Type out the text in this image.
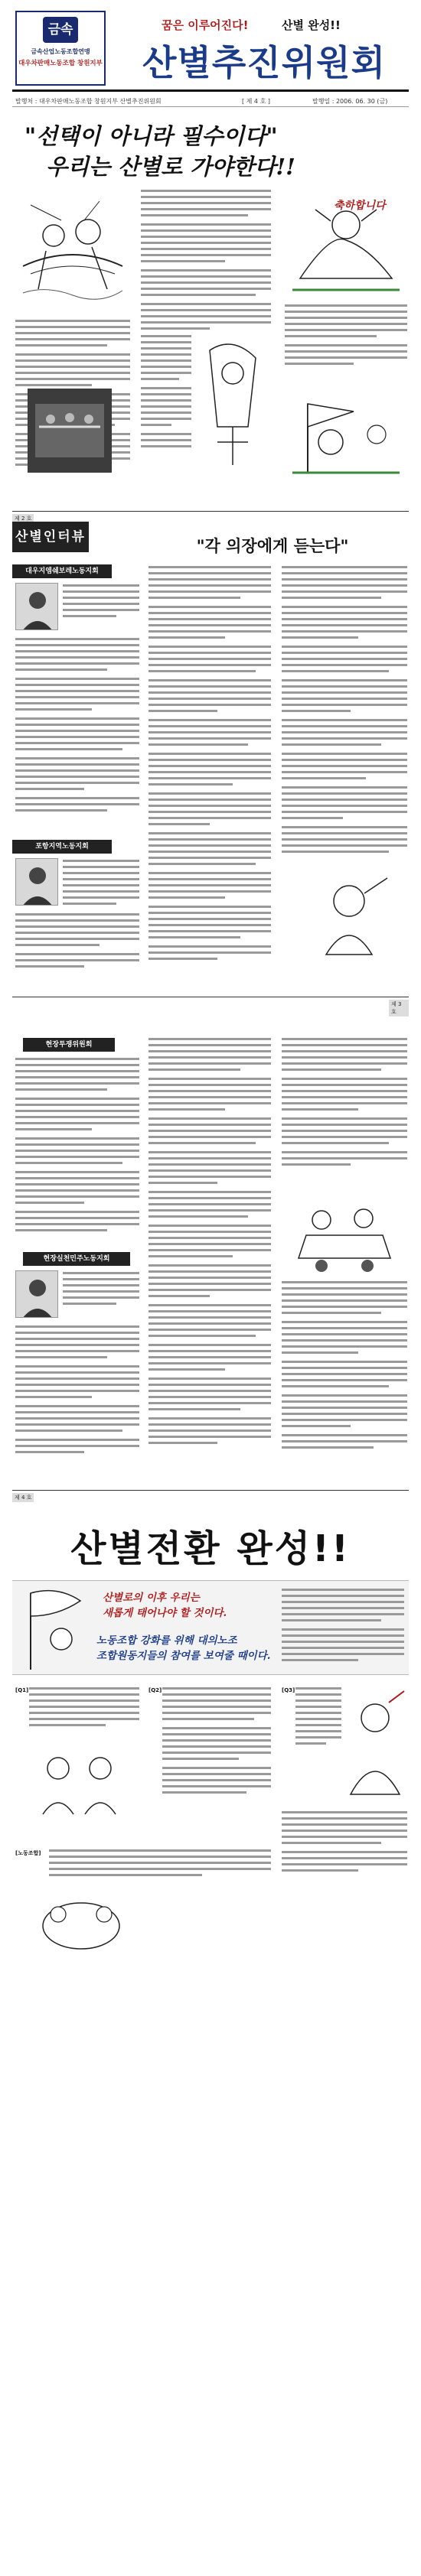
금속
금속산업노동조합연맹
대우차판매노동조합 창원지부
꿈은 이루어진다!	산별 완성!!
산별추진위원회
발행처 : 대우차판매노동조합 창원지부 산별추진위원회	[ 제 4 호 ]	발행일 : 2006. 06. 30 (금)
"선택이 아니라 필수이다"
우리는 산별로 가야한다!!
축하합니다
제 2 호
산별인터뷰	"각 의장에게 듣는다"
대우지엠쉐보레노동지회
포항지역노동지회
제 3 호
현장투쟁위원회
현장실천민주노동지회
제 4 호
산별전환 완성!!
산별로의 이후 우리는
새롭게 태어나야 할 것이다.
노동조합 강화를 위해 대의노조
조합원동지들의 참여를 보여줄 때이다.
[Q1]	[Q2]	[Q3]
[노동조합]
